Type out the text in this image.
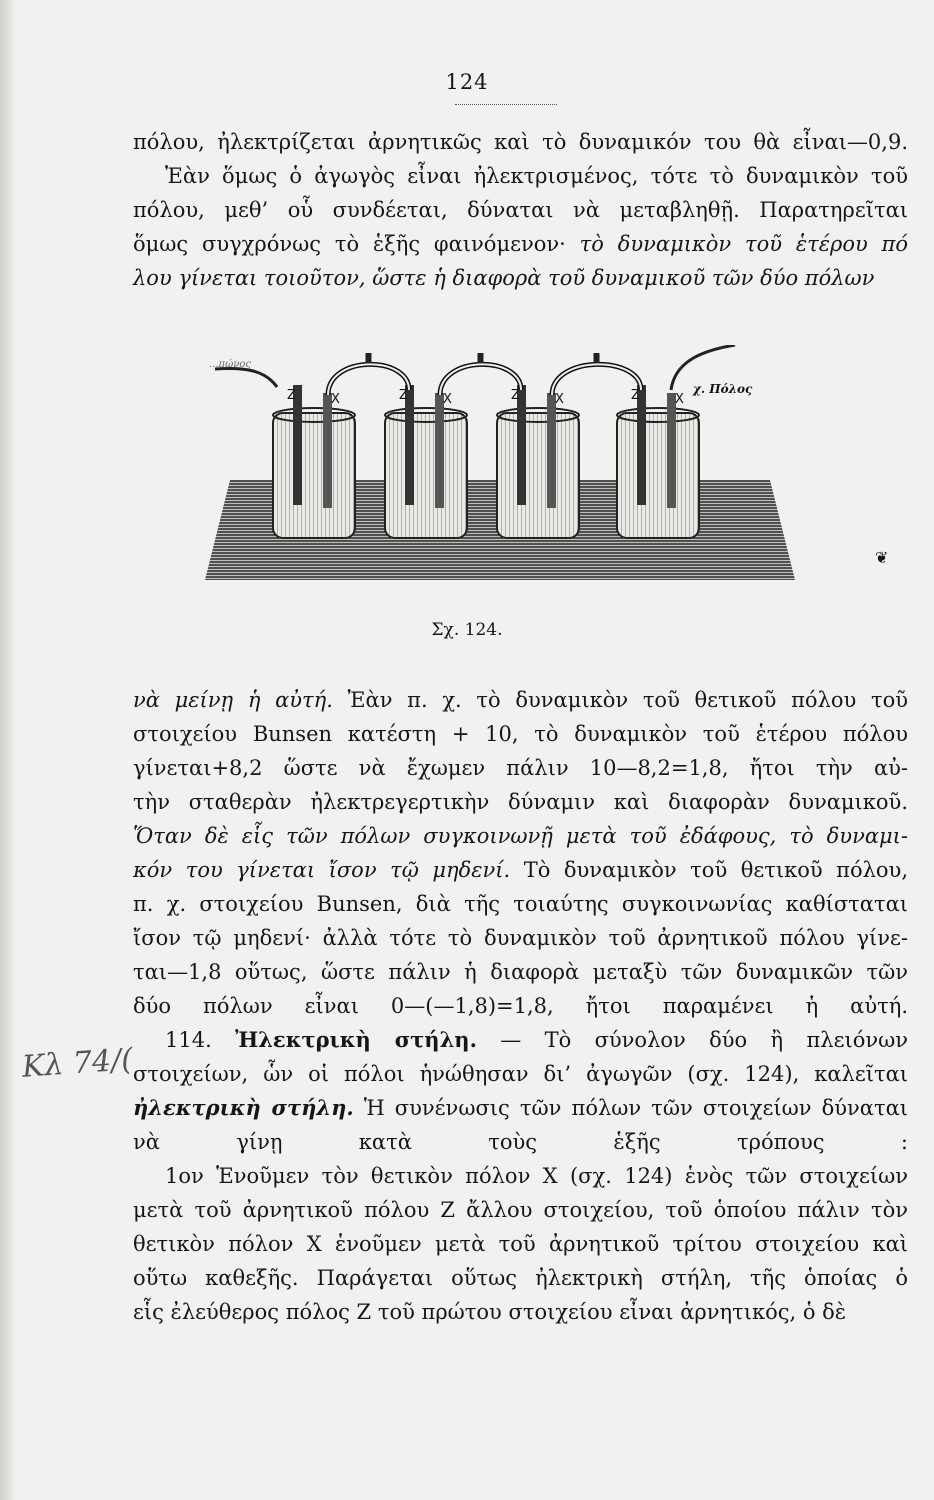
124
πόλου, ἠλεκτρίζεται ἀρνητικῶς καὶ τὸ δυναμικόν του θὰ εἶναι—0,9.
Ἐὰν ὅμως ὁ ἀγωγὸς εἶναι ἠλεκτρισμένος, τότε τὸ δυναμικὸν τοῦ
πόλου, μεθ’ οὗ συνδέεται, δύναται νὰ μεταβληθῇ. Παρατηρεῖται
ὅμως συγχρόνως τὸ ἑξῆς φαινόμενον· τὸ δυναμικὸν τοῦ ἑτέρου πό
λου γίνεται τοιοῦτον, ὥστε ἡ διαφορὰ τοῦ δυναμικοῦ τῶν δύο πόλων
Z	X	Z	X	Z	X	Z	X
...πώνος
χ. Πόλος
Σχ. 124.
❦
νὰ μείνῃ ἡ αὐτή. Ἐὰν π. χ. τὸ δυναμικὸν τοῦ θετικοῦ πόλου τοῦ
στοιχείου Bunsen κατέστη + 10, τὸ δυναμικὸν τοῦ ἑτέρου πόλου
γίνεται+8,2 ὥστε νὰ ἔχωμεν πάλιν 10—8,2=1,8, ἤτοι τὴν αὐ-
τὴν σταθερὰν ἠλεκτρεγερτικὴν δύναμιν καὶ διαφορὰν δυναμικοῦ.
Ὅταν δὲ εἷς τῶν πόλων συγκοινωνῇ μετὰ τοῦ ἐδάφους, τὸ δυναμι-
κόν του γίνεται ἴσον τῷ μηδενί. Τὸ δυναμικὸν τοῦ θετικοῦ πόλου,
π. χ. στοιχείου Bunsen, διὰ τῆς τοιαύτης συγκοινωνίας καθίσταται
ἴσον τῷ μηδενί· ἀλλὰ τότε τὸ δυναμικὸν τοῦ ἀρνητικοῦ πόλου γίνε-
ται—1,8 οὕτως, ὥστε πάλιν ἡ διαφορὰ μεταξὺ τῶν δυναμικῶν τῶν
δύο πόλων εἶναι 0—(—1,8)=1,8, ἤτοι παραμένει ἡ αὐτή.
114. Ἠλεκτρικὴ στήλη. — Τὸ σύνολον δύο ἢ πλειόνων
στοιχείων, ὧν οἱ πόλοι ἡνώθησαν δι’ ἀγωγῶν (σχ. 124), καλεῖται
ἠλεκτρικὴ στήλη. Ἡ συνένωσις τῶν πόλων τῶν στοιχείων δύναται
νὰ γίνῃ κατὰ τοὺς ἑξῆς τρόπους :
1ον Ἑνοῦμεν τὸν θετικὸν πόλον X (σχ. 124) ἑνὸς τῶν στοιχείων
μετὰ τοῦ ἀρνητικοῦ πόλου Z ἄλλου στοιχείου, τοῦ ὁποίου πάλιν τὸν
θετικὸν πόλον X ἑνοῦμεν μετὰ τοῦ ἀρνητικοῦ τρίτου στοιχείου καὶ
οὕτω καθεξῆς. Παράγεται οὕτως ἠλεκτρικὴ στήλη, τῆς ὁποίας ὁ
εἷς ἐλεύθερος πόλος Z τοῦ πρώτου στοιχείου εἶναι ἀρνητικός, ὁ δὲ
Κλ 74/(
